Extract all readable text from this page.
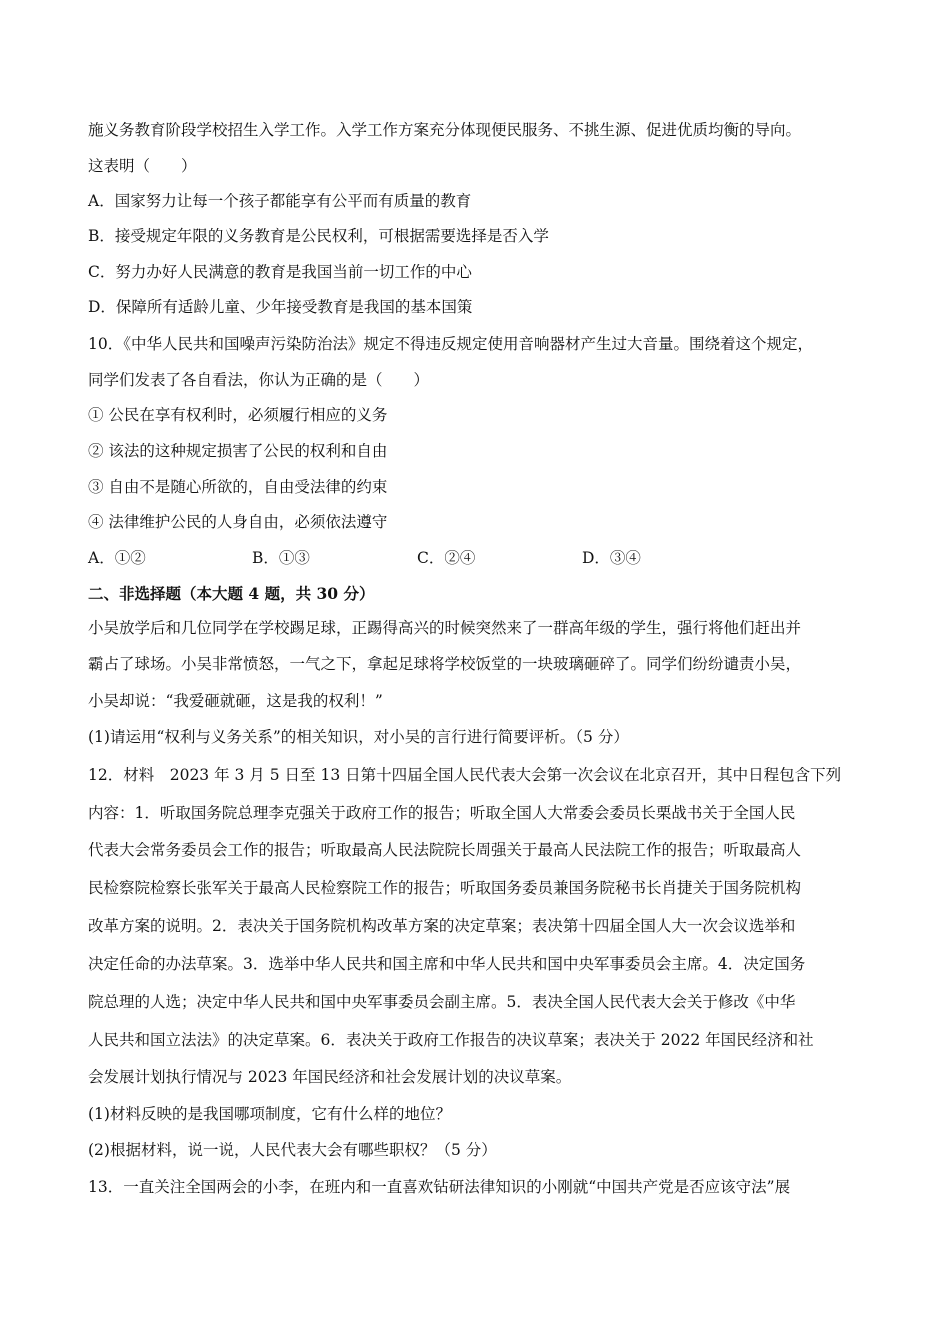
施义务教育阶段学校招生入学工作。入学工作方案充分体现便民服务、不挑生源、促进优质均衡的导向。
这表明（　　）
A．国家努力让每一个孩子都能享有公平而有质量的教育
B．接受规定年限的义务教育是公民权利，可根据需要选择是否入学
C．努力办好人民满意的教育是我国当前一切工作的中心
D．保障所有适龄儿童、少年接受教育是我国的基本国策
10．《中华人民共和国噪声污染防治法》规定不得违反规定使用音响器材产生过大音量。围绕着这个规定，
同学们发表了各自看法，你认为正确的是（　　）
① 公民在享有权利时，必须履行相应的义务
② 该法的这种规定损害了公民的权利和自由
③ 自由不是随心所欲的，自由受法律的约束
④ 法律维护公民的人身自由，必须依法遵守
A．①②	B．①③	C．②④	D．③④
二、非选择题（本大题 4 题，共 30 分）
小吴放学后和几位同学在学校踢足球，正踢得高兴的时候突然来了一群高年级的学生，强行将他们赶出并
霸占了球场。小吴非常愤怒，一气之下，拿起足球将学校饭堂的一块玻璃砸碎了。同学们纷纷谴责小吴，
小吴却说：“我爱砸就砸，这是我的权利！”
(1)请运用“权利与义务关系”的相关知识，对小吴的言行进行简要评析。（5 分）
12．材料　2023 年 3 月 5 日至 13 日第十四届全国人民代表大会第一次会议在北京召开，其中日程包含下列
内容：1．听取国务院总理李克强关于政府工作的报告；听取全国人大常委会委员长栗战书关于全国人民
代表大会常务委员会工作的报告；听取最高人民法院院长周强关于最高人民法院工作的报告；听取最高人
民检察院检察长张军关于最高人民检察院工作的报告；听取国务委员兼国务院秘书长肖捷关于国务院机构
改革方案的说明。2．表决关于国务院机构改革方案的决定草案；表决第十四届全国人大一次会议选举和
决定任命的办法草案。3．选举中华人民共和国主席和中华人民共和国中央军事委员会主席。4．决定国务
院总理的人选；决定中华人民共和国中央军事委员会副主席。5．表决全国人民代表大会关于修改《中华
人民共和国立法法》的决定草案。6．表决关于政府工作报告的决议草案；表决关于 2022 年国民经济和社
会发展计划执行情况与 2023 年国民经济和社会发展计划的决议草案。
(1)材料反映的是我国哪项制度，它有什么样的地位？
(2)根据材料，说一说，人民代表大会有哪些职权？（5 分）
13．一直关注全国两会的小李，在班内和一直喜欢钻研法律知识的小刚就“中国共产党是否应该守法”展
